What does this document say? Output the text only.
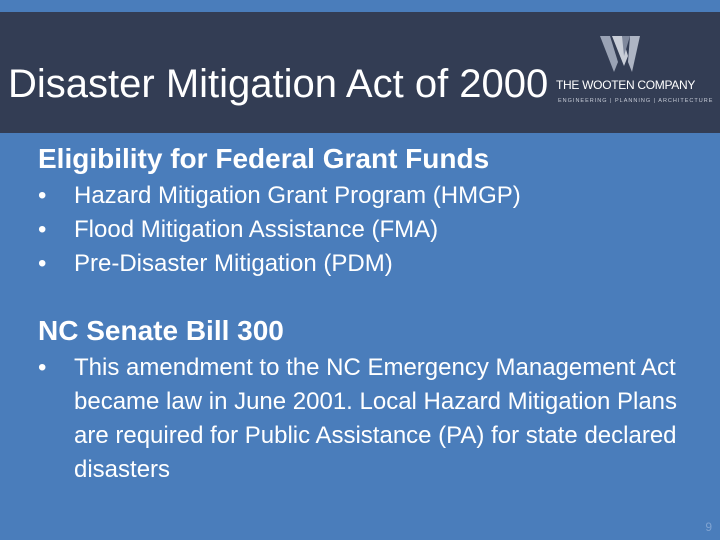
Disaster Mitigation Act of 2000 THE WOOTEN COMPANY
ENGINEERING | PLANNING | ARCHITECTURE
Eligibility for Federal Grant Funds
• Hazard Mitigation Grant Program (HMGP)
• Flood Mitigation Assistance (FMA)
• Pre-Disaster Mitigation (PDM)
NC Senate Bill 300
• This amendment to the NC Emergency Management Act became law in June 2001. Local Hazard Mitigation Plans are required for Public Assistance (PA) for state declared disasters
9
